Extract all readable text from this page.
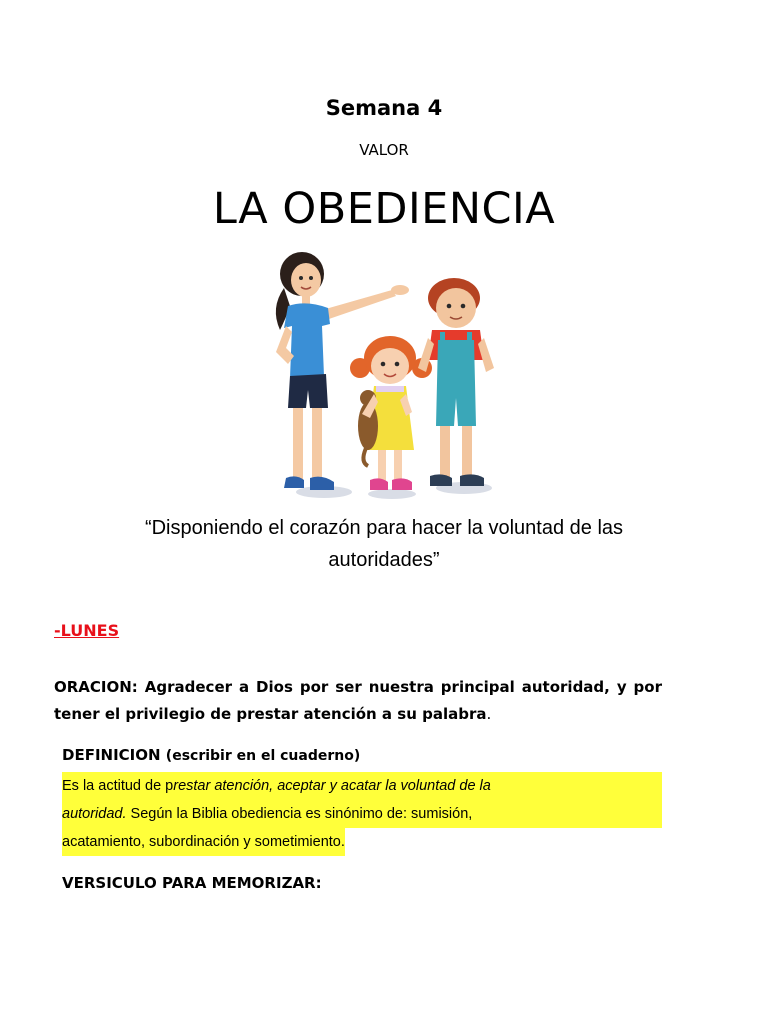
Semana 4
VALOR
LA OBEDIENCIA
“Disponiendo el corazón para hacer la voluntad de las autoridades”
-LUNES
ORACION: Agradecer a Dios por ser nuestra principal autoridad, y por tener el privilegio de prestar atención a su palabra.
DEFINICION (escribir en el cuaderno)
Es la actitud de prestar atención, aceptar y acatar la voluntad de la
autoridad. Según la Biblia obediencia es sinónimo de: sumisión,
acatamiento, subordinación y sometimiento.
VERSICULO PARA MEMORIZAR:
